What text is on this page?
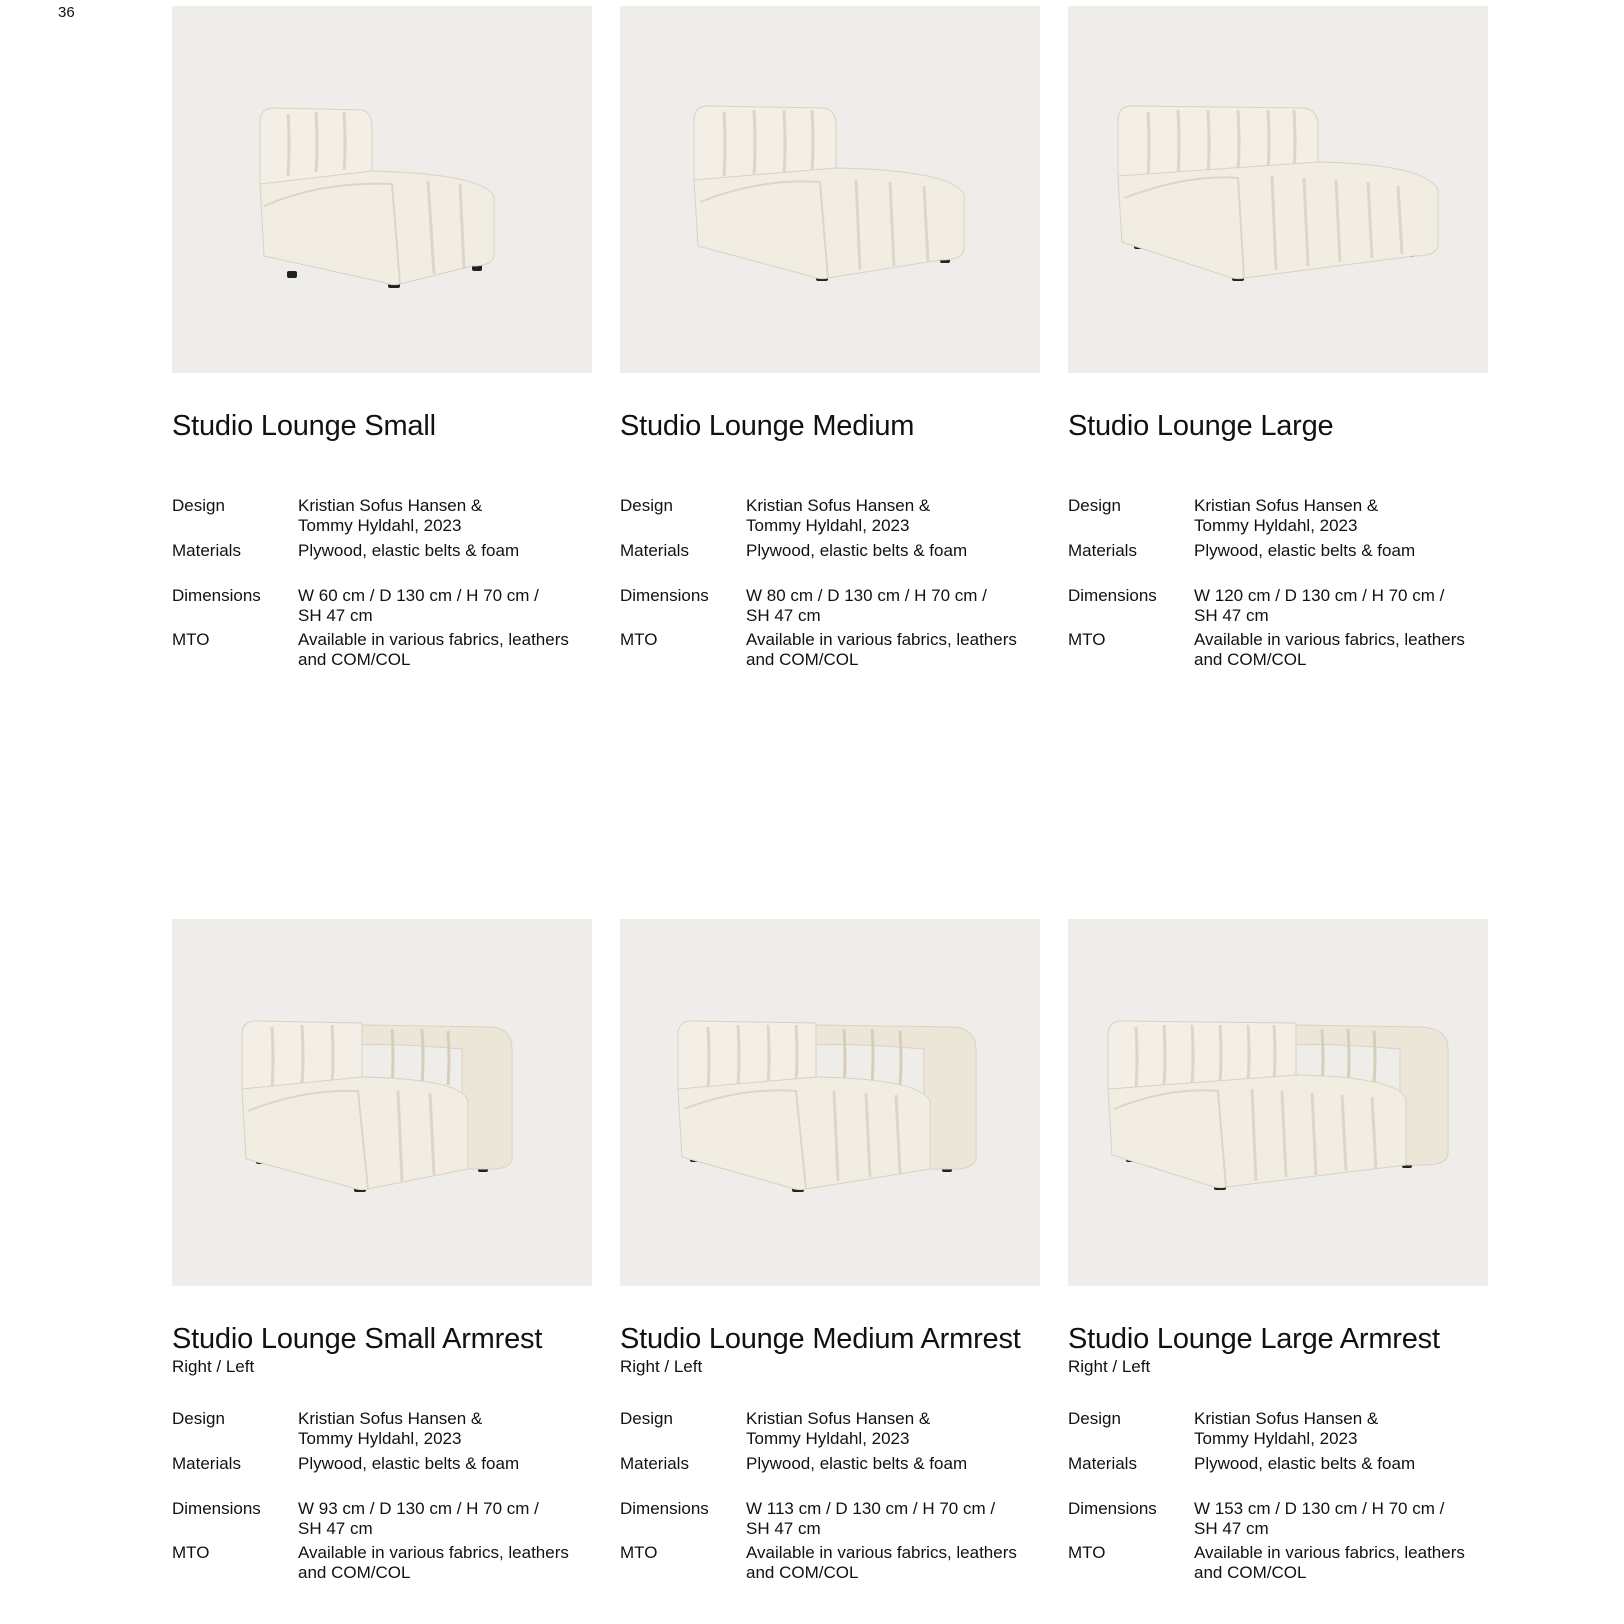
36
Studio Lounge Small
Design	Kristian Sofus Hansen &
Tommy Hyldahl, 2023
Materials	Plywood, elastic belts & foam
Dimensions W 60 cm / D 130 cm / H 70 cm /
SH 47 cm
MTO	Available in various fabrics, leathers
and COM/COL
Studio Lounge Medium
Design	Kristian Sofus Hansen &
Tommy Hyldahl, 2023
Materials	Plywood, elastic belts & foam
Dimensions W 80 cm / D 130 cm / H 70 cm /
SH 47 cm
MTO	Available in various fabrics, leathers
and COM/COL
Studio Lounge Large
Design	Kristian Sofus Hansen &
Tommy Hyldahl, 2023
Materials	Plywood, elastic belts & foam
Dimensions W 120 cm / D 130 cm / H 70 cm /
SH 47 cm
MTO	Available in various fabrics, leathers
and COM/COL
Studio Lounge Small Armrest
Right / Left
Design	Kristian Sofus Hansen &
Tommy Hyldahl, 2023
Materials	Plywood, elastic belts & foam
Dimensions W 93 cm / D 130 cm / H 70 cm /
SH 47 cm
MTO	Available in various fabrics, leathers
and COM/COL
Studio Lounge Medium Armrest
Right / Left
Design	Kristian Sofus Hansen &
Tommy Hyldahl, 2023
Materials	Plywood, elastic belts & foam
Dimensions W 113 cm / D 130 cm / H 70 cm /
SH 47 cm
MTO	Available in various fabrics, leathers
and COM/COL
Studio Lounge Large Armrest
Right / Left
Design	Kristian Sofus Hansen &
Tommy Hyldahl, 2023
Materials	Plywood, elastic belts & foam
Dimensions W 153 cm / D 130 cm / H 70 cm /
SH 47 cm
MTO	Available in various fabrics, leathers
and COM/COL
